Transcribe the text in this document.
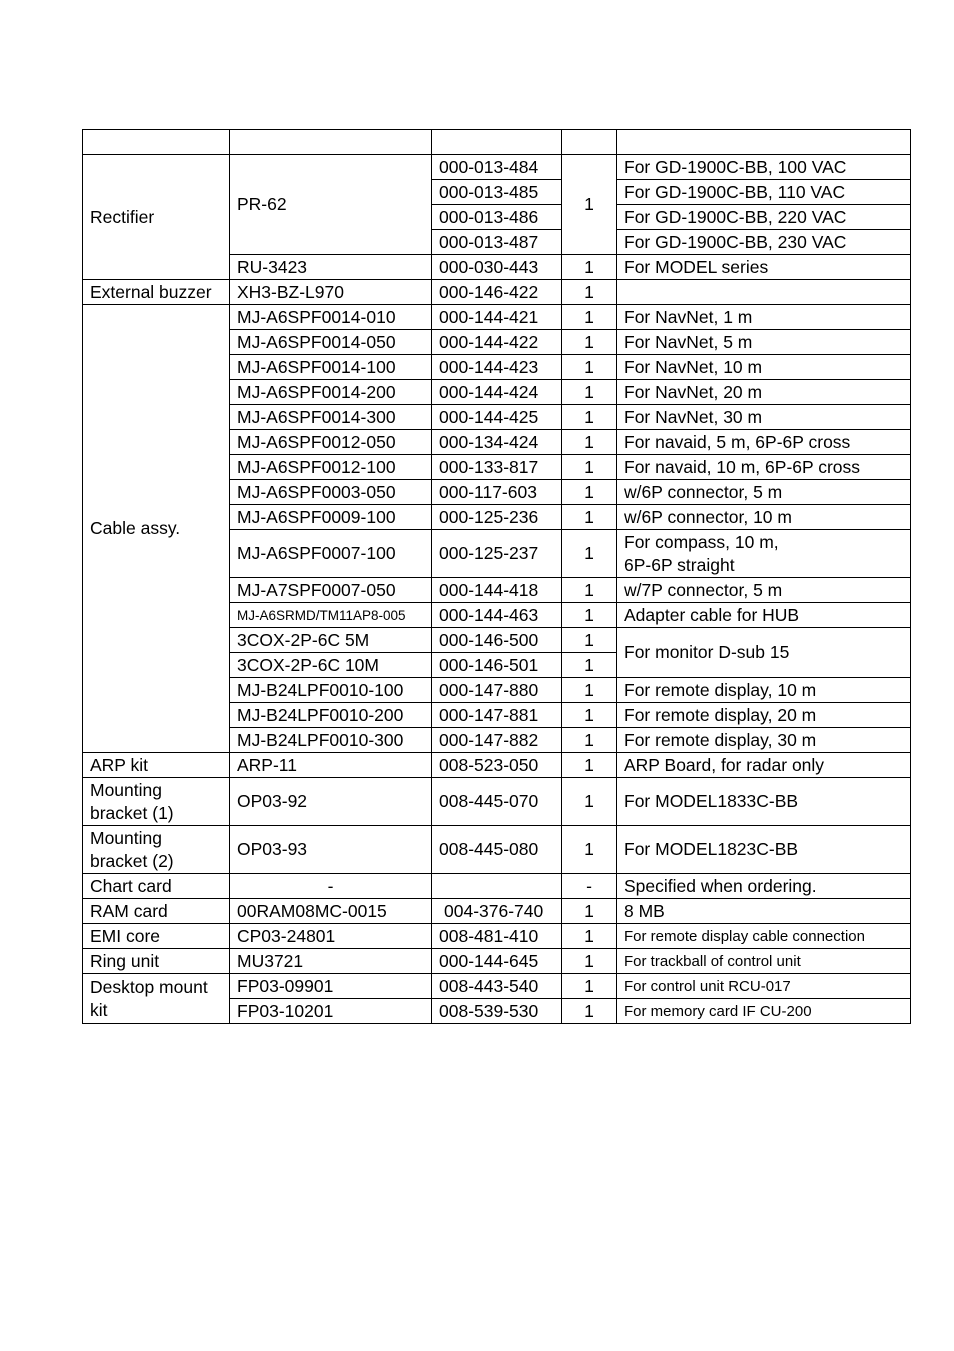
Rectifier	PR-62	000-013-484	1	For GD-1900C-BB, 100 VAC
		000-013-485		For GD-1900C-BB, 110 VAC
		000-013-486		For GD-1900C-BB, 220 VAC
		000-013-487		For GD-1900C-BB, 230 VAC
	RU-3423	000-030-443	1	For MODEL series
External buzzer	XH3-BZ-L970	000-146-422	1	
Cable assy.	MJ-A6SPF0014-010	000-144-421	1	For NavNet, 1 m
	MJ-A6SPF0014-050	000-144-422	1	For NavNet, 5 m
	MJ-A6SPF0014-100	000-144-423	1	For NavNet, 10 m
	MJ-A6SPF0014-200	000-144-424	1	For NavNet, 20 m
	MJ-A6SPF0014-300	000-144-425	1	For NavNet, 30 m
	MJ-A6SPF0012-050	000-134-424	1	For navaid, 5 m, 6P-6P cross
	MJ-A6SPF0012-100	000-133-817	1	For navaid, 10 m, 6P-6P cross
	MJ-A6SPF0003-050	000-117-603	1	w/6P connector, 5 m
	MJ-A6SPF0009-100	000-125-236	1	w/6P connector, 10 m
	MJ-A6SPF0007-100	000-125-237	1	For compass, 10 m,
6P-6P straight

	MJ-A7SPF0007-050	000-144-418	1	w/7P connector, 5 m
	MJ-A6SRMD/TM11AP8-005	000-144-463	1	Adapter cable for HUB
	3COX-2P-6C 5M	000-146-500	1	For monitor D-sub 15
	3COX-2P-6C 10M	000-146-501	1	
	MJ-B24LPF0010-100	000-147-880	1	For remote display, 10 m
	MJ-B24LPF0010-200	000-147-881	1	For remote display, 20 m
	MJ-B24LPF0010-300	000-147-882	1	For remote display, 30 m
ARP kit	ARP-11	008-523-050	1	ARP Board, for radar only

Mounting
bracket (1)	OP03-92	008-445-070	1	For MODEL1833C-BB

Mounting
bracket (2)	OP03-93	008-445-080	1	For MODEL1823C-BB
Chart card	-		-	Specified when ordering.
RAM card	00RAM08MC-0015	004-376-740	1	8 MB
EMI core	CP03-24801	008-481-410	1	For remote display cable connection
Ring unit	MU3721	000-144-645	1	For trackball of control unit

Desktop mount
kit	FP03-09901	008-443-540	1	For control unit RCU-017
	FP03-10201	008-539-530	1	For memory card IF CU-200
